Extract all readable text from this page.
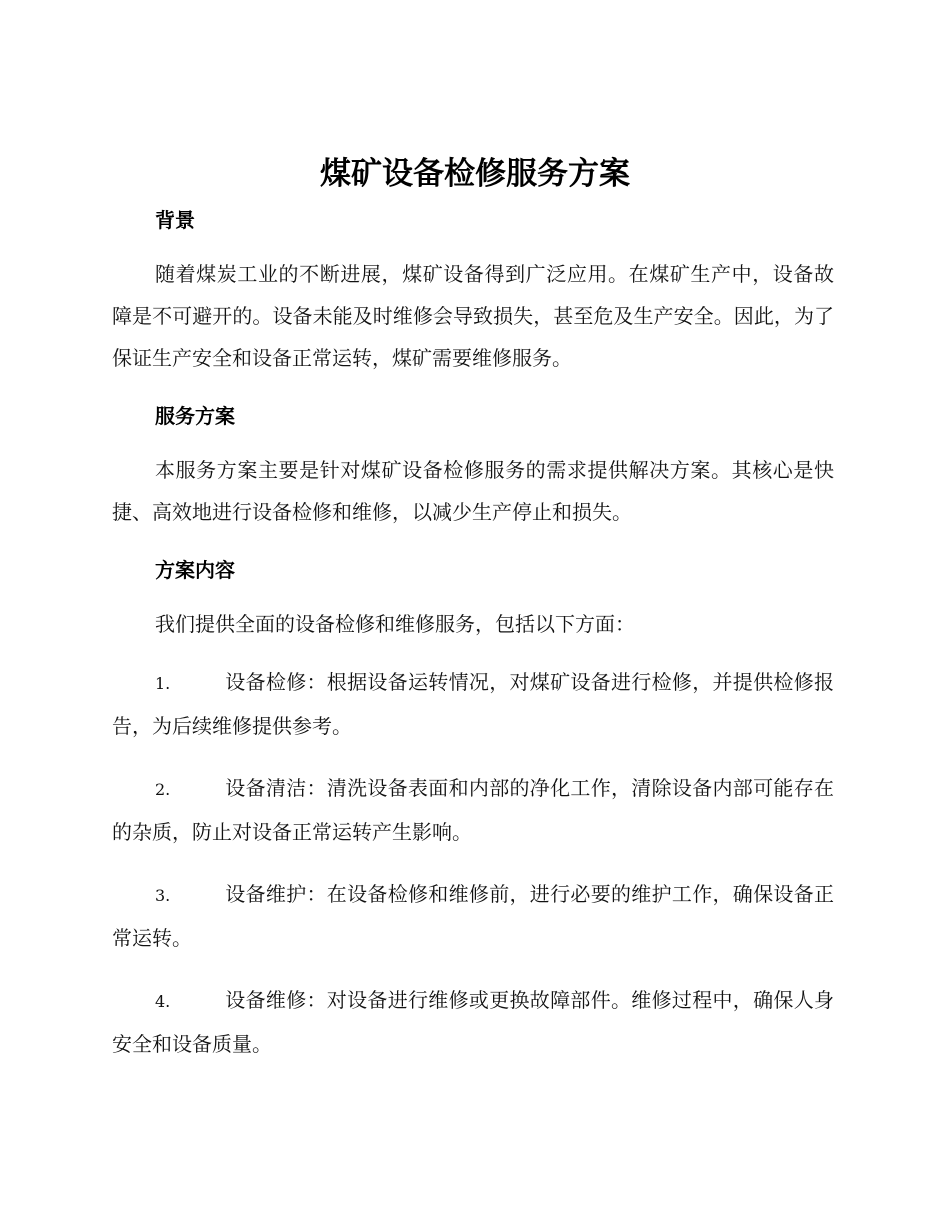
煤矿设备检修服务方案

背景

随着煤炭工业的不断进展，煤矿设备得到广泛应用。在煤矿生产中，设备故障是不可避开的。设备未能及时维修会导致损失，甚至危及生产安全。因此，为了保证生产安全和设备正常运转，煤矿需要维修服务。

服务方案

本服务方案主要是针对煤矿设备检修服务的需求提供解决方案。其核心是快捷、高效地进行设备检修和维修，以减少生产停止和损失。

方案内容

我们提供全面的设备检修和维修服务，包括以下方面：

1.	设备检修：根据设备运转情况，对煤矿设备进行检修，并提供检修报告，为后续维修提供参考。

2.	设备清洁：清洗设备表面和内部的净化工作，清除设备内部可能存在的杂质，防止对设备正常运转产生影响。

3.	设备维护：在设备检修和维修前，进行必要的维护工作，确保设备正常运转。

4.	设备维修：对设备进行维修或更换故障部件。维修过程中，确保人身安全和设备质量。
